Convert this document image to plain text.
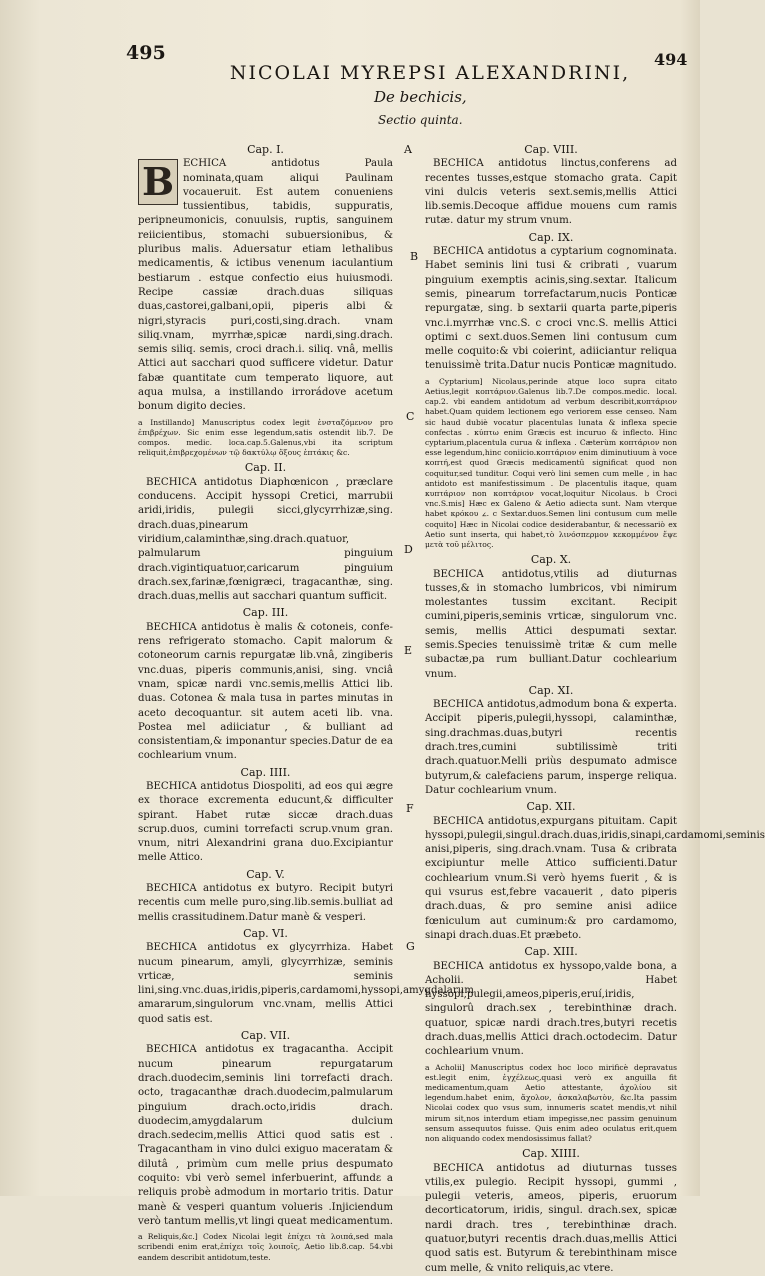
495	494
NICOLAI MYREPSI ALEXANDRINI,
De bechicis,
Sectio quinta.
A
B
C
D
E
F
G
Cap. I.

B ECHICA antidotus Paula nominata,quam aliqui Paulinam vocaueruit. Est autem conueniens tussientibus, tabidis, suppuratis, peripneumonicis, conuulsis, ruptis, sanguinem reiicientibus, stomachi subuersionibus, & pluribus malis. Aduersatur etiam lethalibus medicamentis, & ictibus venenum iaculantium bestiarum . estque confectio eius huiusmodi. Recipe cassiæ drach.duas siliquas duas,castorei,galbani,opii, piperis albi & nigri,styracis puri,costi,sing.drach. vnam siliq.vnam, myrrhæ,spicæ nardi,sing.drach. semis siliq. semis, croci drach.i. siliq. vnâ, mellis Attici aut sacchari quod sufficere videtur. Datur fabæ quantitate cum temperato liquore, aut aqua mulsa, a instillando irrorádove acetum bonum digito decies.

a Instillando] Manuscriptus codex legit ἐνσταζόμενον pro ἐπιβρέχων. Sic enim esse legendum,satis ostendit lib.7. De compos. medic. loca.cap.5.Galenus,vbi ita scriptum reliquit,ἐπιβρεχομένων τῷ δακτύλῳ ὄξους ἐπτάκις &c.

Cap. II.

BECHICA antidotus Diaphœnicon , præclare conducens. Accipit hyssopi Cretici, marrubii aridi,iridis, pulegii sicci,glycyrrhizæ,sing. drach.duas,pinearum viridium,calaminthæ,sing.drach.quatuor, palmularum pinguium drach.vigintiquatuor,caricarum pinguium drach.sex,farinæ,fœnigræci, tragacanthæ, sing. drach.duas,mellis aut sacchari quantum sufficit.

Cap. III.

BECHICA antidotus è malis & cotoneis, confe- rens refrigerato stomacho. Capit malorum & cotoneorum carnis repurgatæ lib.vnâ, zingiberis vnc.duas, piperis communis,anisi, sing. vnciâ vnam, spicæ nardi vnc.semis,mellis Attici lib. duas. Cotonea & mala tusa in partes minutas in aceto decoquantur. sit autem aceti lib. vna. Postea mel adiiciatur , & bulliant ad consistentiam,& imponantur species.Datur de ea cochlearium vnum.

Cap. IIII.

BECHICA antidotus Diospoliti, ad eos qui ægre ex thorace excrementa educunt,& difficulter spirant. Habet rutæ siccæ drach.duas scrup.duos, cumini torrefacti scrup.vnum gran. vnum, nitri Alexandrini grana duo.Excipiantur melle Attico.

Cap. V.

BECHICA antidotus ex butyro. Recipit butyri recentis cum melle puro,sing.lib.semis.bulliat ad mellis crassitudinem.Datur manè & vesperi.

Cap. VI.

BECHICA antidotus ex glycyrrhiza. Habet nucum pinearum, amyli, glycyrrhizæ, seminis vrticæ, seminis lini,sing.vnc.duas,iridis,piperis,cardamomi,hyssopi,amygdalarum amararum,singulorum vnc.vnam, mellis Attici quod satis est.

Cap. VII.

BECHICA antidotus ex tragacantha. Accipit nucum pinearum repurgatarum drach.duodecim,seminis lini torrefacti drach. octo, tragacanthæ drach.duodecim,palmularum pinguium drach.octo,iridis drach. duodecim,amygdalarum dulcium drach.sedecim,mellis Attici quod satis est . Tragacantham in vino dulci exiguo maceratam & dilutâ , primùm cum melle prius despumato coquito: vbi verò semel inferbuerint, affundε a reliquis probè admodum in mortario tritis. Datur manè & vesperi quantum volueris .Injiciendum verò tantum mellis,vt lingi queat medicamentum.

a Reliquis,&c.] Codex Nicolai legit ἐπίχει τὰ λοιπά,sed mala scribendi enim erat,ἐπίχει τοῖς λοιποῖς, Aetio lib.8.cap. 54.vbi eandem describit antidotum,teste.

Cap. VIII.

BECHICA antidotus linctus,conferens ad recentes tusses,estque stomacho grata. Capit vini dulcis veteris sext.semis,mellis Attici lib.semis.Decoque affidue mouens cum ramis rutæ. datur my strum vnum.

Cap. IX.

BECHICA antidotus a cyptarium cognominata. Habet seminis lini tusi & cribrati , vuarum pinguium exemptis acinis,sing.sextar. Italicum semis, pinearum torrefactarum,nucis Ponticæ repurgatæ, sing. b sextarii quarta parte,piperis vnc.i.myrrhæ vnc.S. c croci vnc.S. mellis Attici optimi c sext.duos.Semen lini contusum cum melle coquito:& vbi coierint, adiiciantur reliqua tenuissimè trita.Datur nucis Ponticæ magnitudo.

a Cyptarium] Nicolaus,perinde atque loco supra citato Aetius,legit κοπτάριον.Galenus lib.7.De compos.medic. local. cap.2. vbi eandem antidotum ad verbum describit,κυπτάριον habet.Quam quidem lectionem ego veriorem esse censeo. Nam sic haud dubiè vocatur placentulas lunata & inflexa specie confectas . κύπτω enim Græcis est incuruo & inflecto. Hinc cyptarium,placentula curua & inflexa . Cæterùm κοπτάριον non esse legendum,hinc coniicio.κοπτάριον enim diminutiuum à voce κοπτή,est quod Græcis medicamentû significat quod non coquitur,sed tunditur. Coqui verò lini semen cum melle , in hac antidoto est manifestissimum . De placentulis itaque, quam κυπτάριον non κοπτάριον vocat,loquitur Nicolaus. b Croci vnc.S.mis] Hæc ex Galeno & Aetio adiecta sunt. Nam vterque habet κρόκου 𐅵. c Sextar.duos.Semen lini contusum cum melle coquito] Hæc in Nicolai codice desiderabantur, & necessariò ex Aetio sunt inserta, qui habet,τὸ λινόσπερμον κεκομμένον ἕψε μετὰ τοῦ μέλιτος.

Cap. X.

BECHICA antidotus,vtilis ad diuturnas tusses,& in stomacho lumbricos, vbi nimirum molestantes tussim excitant. Recipit cumini,piperis,seminis vrticæ, singulorum vnc. semis, mellis Attici despumati sextar. semis.Species tenuissimè tritæ & cum melle subactæ,pa rum bulliant.Datur cochlearium vnum.

Cap. XI.

BECHICA antidotus,admodum bona & experta. Accipit piperis,pulegii,hyssopi, calaminthæ, sing.drachmas.duas,butyri recentis drach.tres,cumini subtilissimè triti drach.quatuor.Melli priùs despumato admisce butyrum,& calefaciens parum, insperge reliqua. Datur cochlearium vnum.

Cap. XII.

BECHICA antidotus,expurgans pituitam. Capit hyssopi,pulegii,singul.drach.duas,iridis,sinapi,cardamomi,seminis anisi,piperis, sing.drach.vnam. Tusa & cribrata excipiuntur melle Attico sufficienti.Datur cochlearium vnum.Si verò hyems fuerit , & is qui vsurus est,febre vacauerit , dato piperis drach.duas, & pro semine anisi adiice fœniculum aut cuminum:& pro cardamomo, sinapi drach.duas.Et præbeto.

Cap. XIII.

BECHICA antidotus ex hyssopo,valde bona, a Acholii. Habet hyssopi,pulegii,ameos,piperis,eruí,iridis, singulorû drach.sex , terebinthinæ drach. quatuor, spicæ nardi drach.tres,butyri recetis drach.duas,mellis Attici drach.octodecim. Datur cochlearium vnum.

a Acholii] Manuscriptus codex hoc loco mirificè depravatus est.legit enim, ἐγχέλεως,quasi verò ex anguilla fit medicamentum,quam Aetio attestante, ἀχολίου sit legendum.habet enim, ἄχολον, ἀσκαλαβωτὸν, &c.Ita passim Nicolai codex quo vsus sum, innumeris scatet mendis,vt nihil mirum sit,nos interdum etiam impegisse,nec passim genuinum sensum assequutos fuisse. Quis enim adeo oculatus erit,quem non aliquando codex mendosissimus fallat?

Cap. XIIII.

BECHICA antidotus ad diuturnas tusses vtilis,ex pulegio. Recipit hyssopi, gummi , pulegii veteris, ameos, piperis, eruorum decorticatorum, iridis, singul. drach.sex, spicæ nardi drach. tres , terebinthinæ drach. quatuor,butyri recentis drach.duas,mellis Attici quod satis est. Butyrum & terebinthinam misce cum melle, & vnito reliquis,ac vtere.
